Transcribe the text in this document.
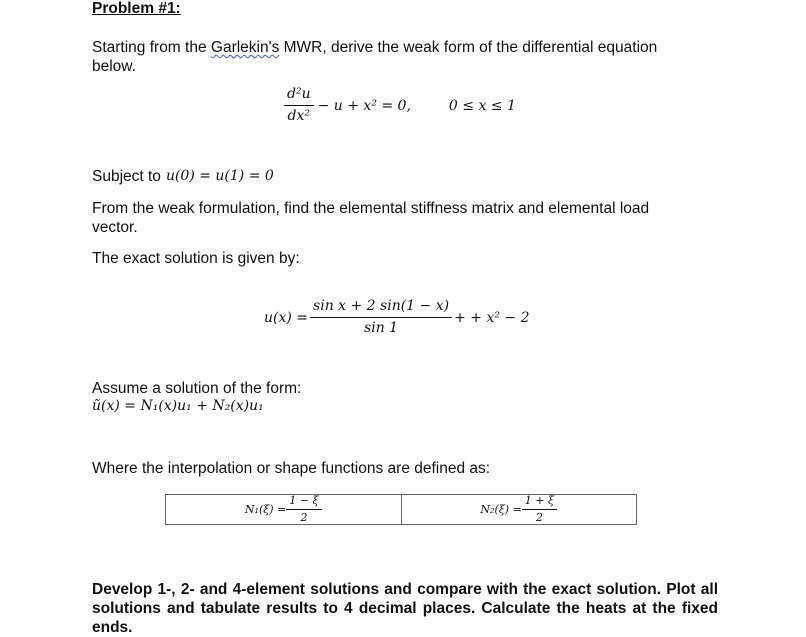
Problem #1:
Starting from the Garlekin's MWR, derive the weak form of the differential equation below.
$\frac{\text{d²u}}{\text{dx²}} - u + x^2 = 0$,	0 ≤ x ≤ 1
Subject to u(0) = u(1) = 0
From the weak formulation, find the elemental stiffness matrix and elemental load vector.
The exact solution is given by:
$u(x) = \frac{\text{sin x + 2 sin(1 − x)}}{\sin 1}$ + + x² − 2
Assume a solution of the form:
ũ(x) = N₁(x)u₁ + N₂(x)u₁
Where the interpolation or shape functions are defined as:
$N_1(\xi) = \frac{1 - \xi}{2}$	$N_2(\xi) = \frac{1 + \xi}{2}$
Develop 1-, 2- and 4-element solutions and compare with the exact solution. Plot all solutions and tabulate results to 4 decimal places. Calculate the heats at the fixed ends.
